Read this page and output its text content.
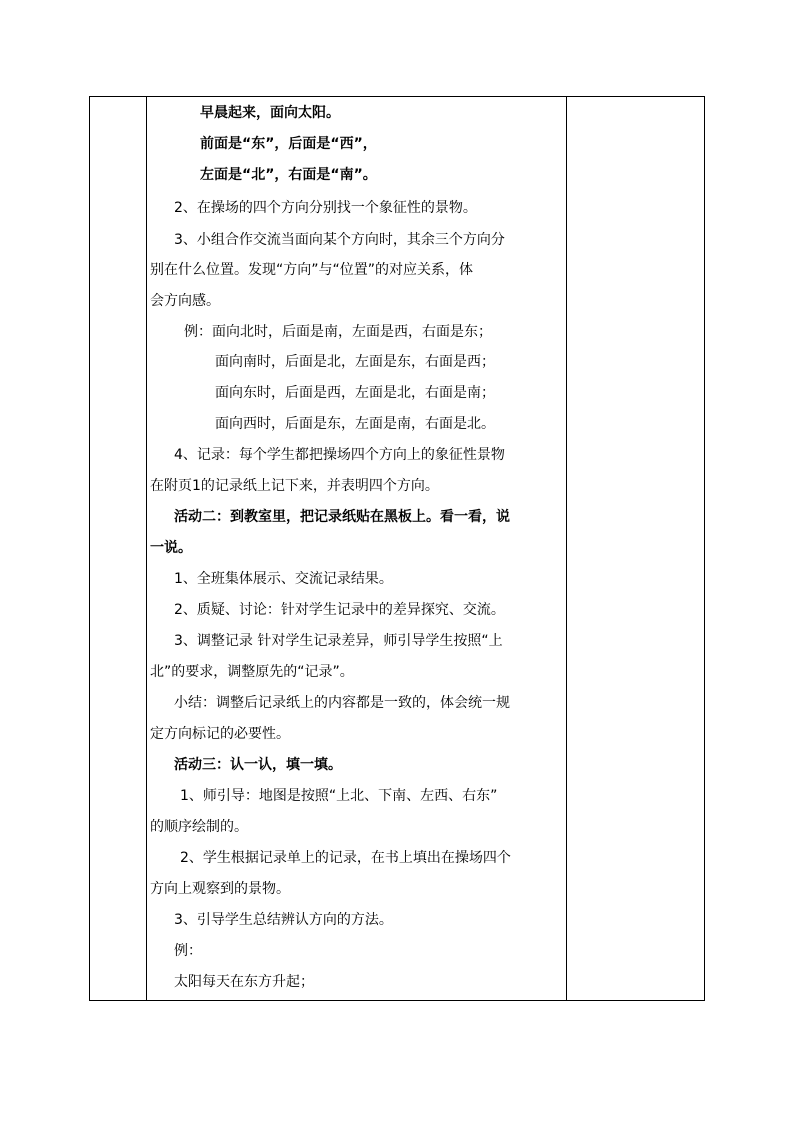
早晨起来，面向太阳。
前面是“东”，后面是“西”，
左面是“北”，右面是“南”。
2、在操场的四个方向分别找一个象征性的景物。
3、小组合作交流当面向某个方向时，其余三个方向分
别在什么位置。发现“方向”与“位置”的对应关系，体
会方向感。
例：面向北时，后面是南，左面是西，右面是东；
面向南时，后面是北，左面是东，右面是西；
面向东时，后面是西，左面是北，右面是南；
面向西时，后面是东，左面是南，右面是北。
4、记录：每个学生都把操场四个方向上的象征性景物
在附页1的记录纸上记下来，并表明四个方向。
活动二：到教室里，把记录纸贴在黑板上。看一看，说
一说。
1、全班集体展示、交流记录结果。
2、质疑、讨论：针对学生记录中的差异探究、交流。
3、调整记录 针对学生记录差异，师引导学生按照“上
北”的要求，调整原先的“记录”。
小结：调整后记录纸上的内容都是一致的，体会统一规
定方向标记的必要性。
活动三：认一认，填一填。
1、师引导：地图是按照“上北、下南、左西、右东”
的顺序绘制的。
2、学生根据记录单上的记录，在书上填出在操场四个
方向上观察到的景物。
3、引导学生总结辨认方向的方法。
例：
太阳每天在东方升起；
